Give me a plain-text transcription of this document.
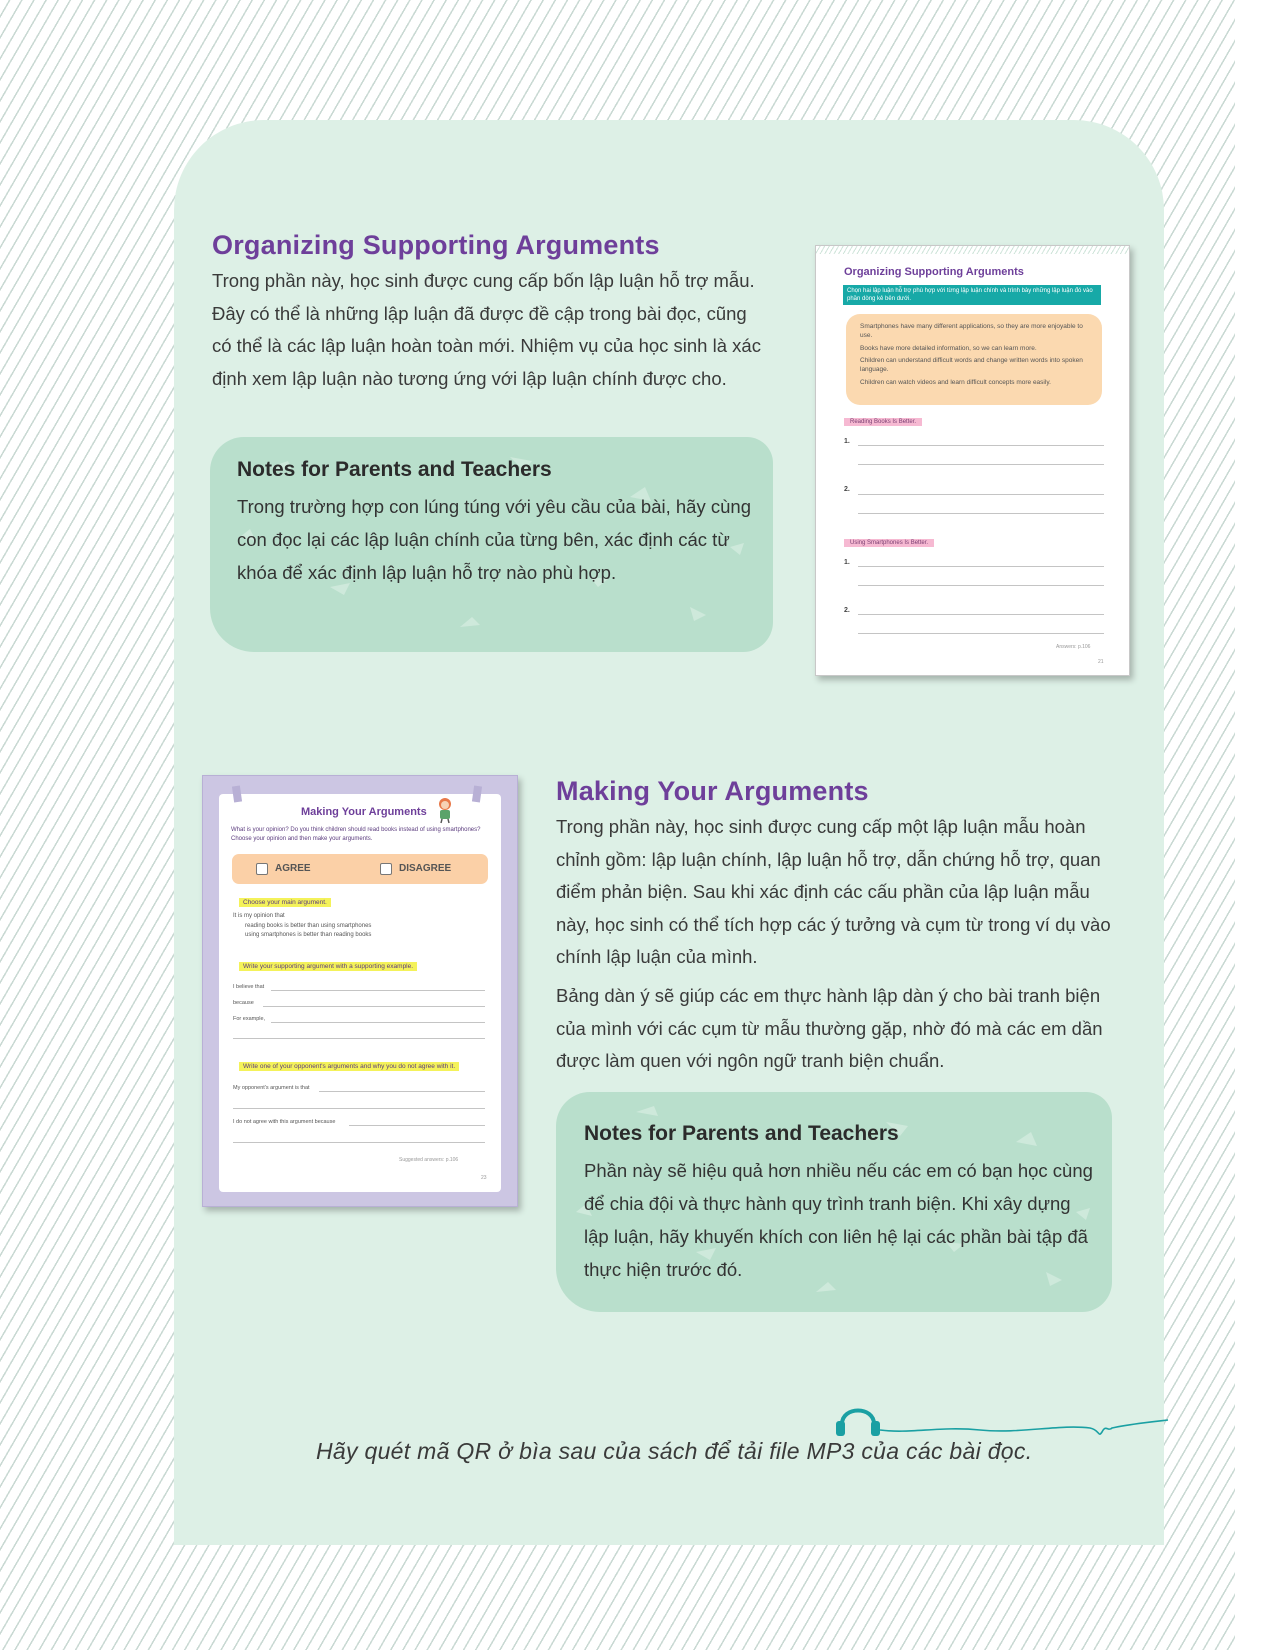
Organizing Supporting Arguments

Trong phần này, học sinh được cung cấp bốn lập luận hỗ trợ mẫu. Đây có thể là những lập luận đã được đề cập trong bài đọc, cũng có thể là các lập luận hoàn toàn mới. Nhiệm vụ của học sinh là xác định xem lập luận nào tương ứng với lập luận chính được cho.

Notes for Parents and Teachers

Trong trường hợp con lúng túng với yêu cầu của bài, hãy cùng con đọc lại các lập luận chính của từng bên, xác định các từ khóa để xác định lập luận hỗ trợ nào phù hợp.

Organizing Supporting Arguments
Chọn hai lập luận hỗ trợ phù hợp với từng lập luận chính và trình bày những lập luận đó vào phần dòng kẻ bên dưới.
Smartphones have many different applications, so they are more enjoyable to use.
Books have more detailed information, so we can learn more.
Children can understand difficult words and change written words into spoken language.
Children can watch videos and learn difficult concepts more easily.
Reading Books Is Better.
1.
2.
Using Smartphones Is Better.
1.
2.
Answers: p.106
21
Making Your Arguments
What is your opinion? Do you think children should read books instead of using smartphones? Choose your opinion and then make your arguments.
AGREE	DISAGREE
Choose your main argument.
It is my opinion that
reading books is better than using smartphones
using smartphones is better than reading books
Write your supporting argument with a supporting example.
I believe that
because
For example,
Write one of your opponent's arguments and why you do not agree with it.
My opponent's argument is that
I do not agree with this argument because
Suggested answers: p.106
23
Making Your Arguments

Trong phần này, học sinh được cung cấp một lập luận mẫu hoàn chỉnh gồm: lập luận chính, lập luận hỗ trợ, dẫn chứng hỗ trợ, quan điểm phản biện. Sau khi xác định các cấu phần của lập luận mẫu này, học sinh có thể tích hợp các ý tưởng và cụm từ trong ví dụ vào chính lập luận của mình.

Bảng dàn ý sẽ giúp các em thực hành lập dàn ý cho bài tranh biện của mình với các cụm từ mẫu thường gặp, nhờ đó mà các em dần được làm quen với ngôn ngữ tranh biện chuẩn.

Notes for Parents and Teachers

Phần này sẽ hiệu quả hơn nhiều nếu các em có bạn học cùng để chia đội và thực hành quy trình tranh biện. Khi xây dựng lập luận, hãy khuyến khích con liên hệ lại các phần bài tập đã thực hiện trước đó.

Hãy quét mã QR ở bìa sau của sách để tải file MP3 của các bài đọc.
